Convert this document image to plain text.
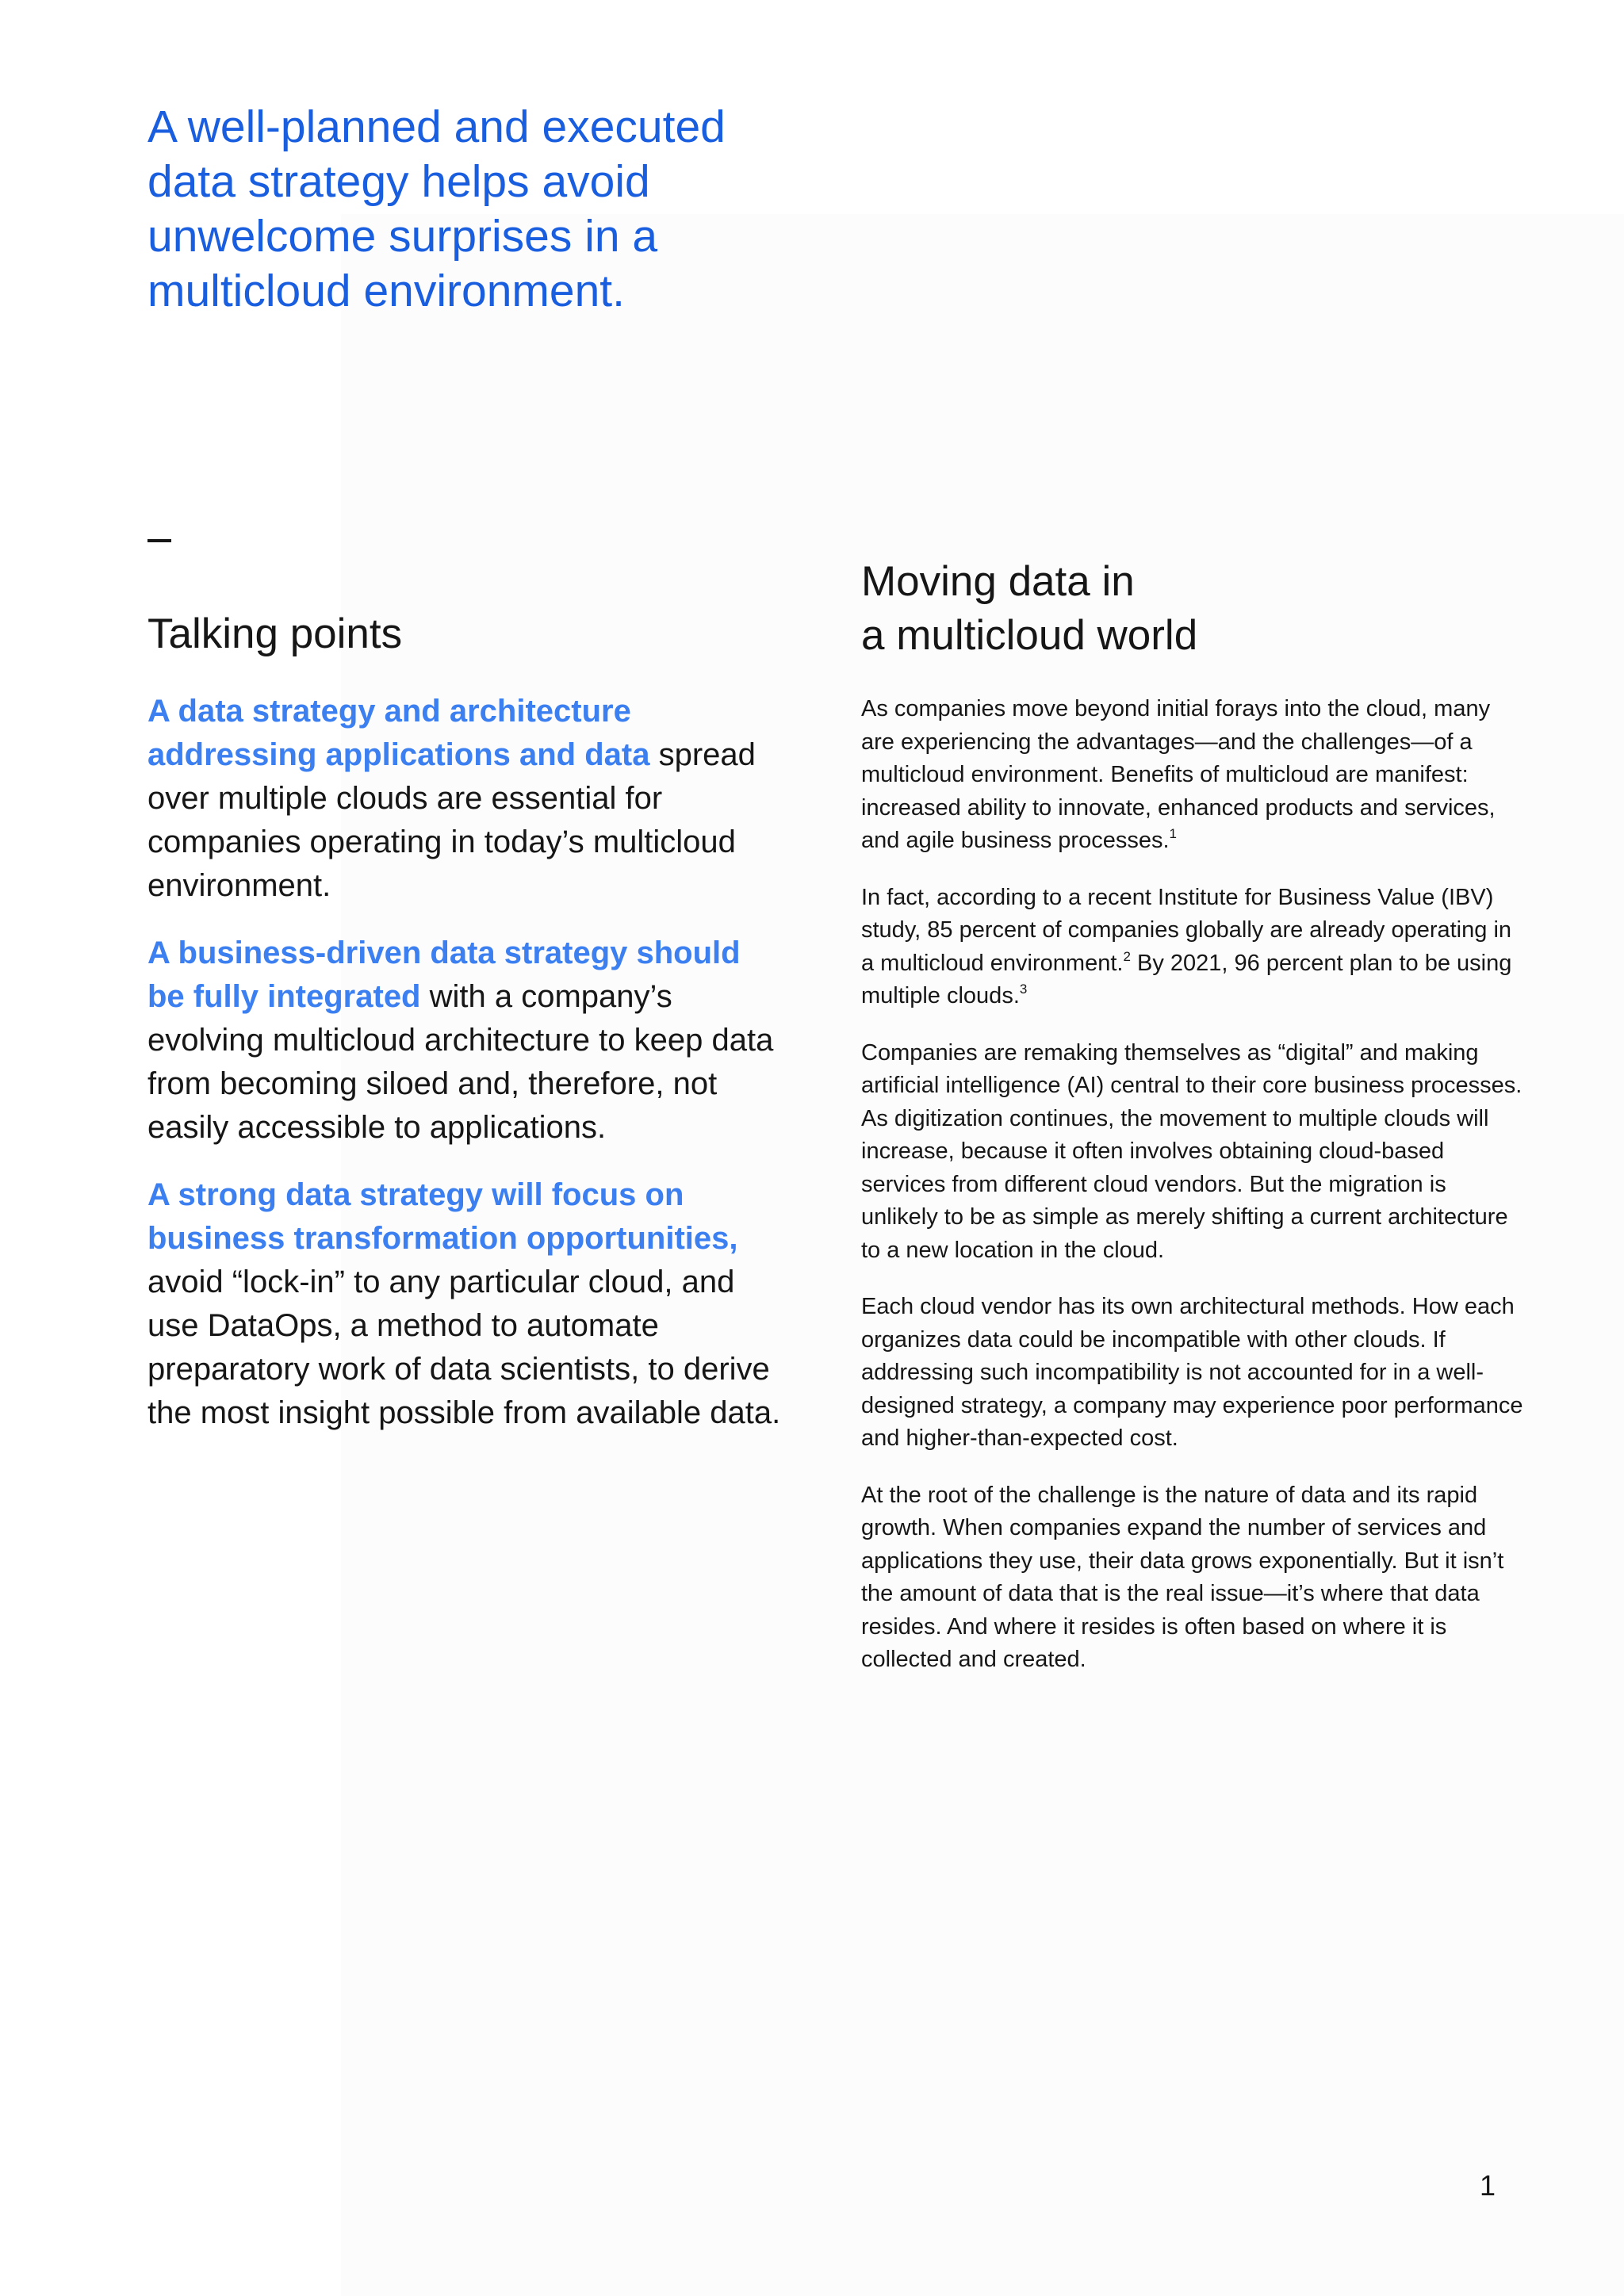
A well-planned and executed data strategy helps avoid unwelcome surprises in a multicloud environment.
Talking points

A data strategy and architecture addressing applications and data spread over multiple clouds are essential for companies operating in today’s multicloud environment.

A business-driven data strategy should be fully integrated with a company’s evolving multicloud architecture to keep data from becoming siloed and, therefore, not easily accessible to applications.

A strong data strategy will focus on business transformation opportunities, avoid “lock-in” to any particular cloud, and use DataOps, a method to automate preparatory work of data scientists, to derive the most insight possible from available data.

Moving data in
a multicloud world

As companies move beyond initial forays into the cloud, many are experiencing the advantages—and the challenges—of a multicloud environment. Benefits of multicloud are manifest: increased ability to innovate, enhanced products and services, and agile business processes.$^1$

In fact, according to a recent Institute for Business Value (IBV) study, 85 percent of companies globally are already operating in a multicloud environment.$^2$ By 2021, 96 percent plan to be using multiple clouds.$^3$

Companies are remaking themselves as “digital” and making artificial intelligence (AI) central to their core business processes. As digitization continues, the movement to multiple clouds will increase, because it often involves obtaining cloud-based services from different cloud vendors. But the migration is unlikely to be as simple as merely shifting a current architecture to a new location in the cloud.

Each cloud vendor has its own architectural methods. How each organizes data could be incompatible with other clouds. If addressing such incompatibility is not accounted for in a well-designed strategy, a company may experience poor performance and higher-than-expected cost.

At the root of the challenge is the nature of data and its rapid growth. When companies expand the number of services and applications they use, their data grows exponentially. But it isn’t the amount of data that is the real issue—it’s where that data resides. And where it resides is often based on where it is collected and created.

1
